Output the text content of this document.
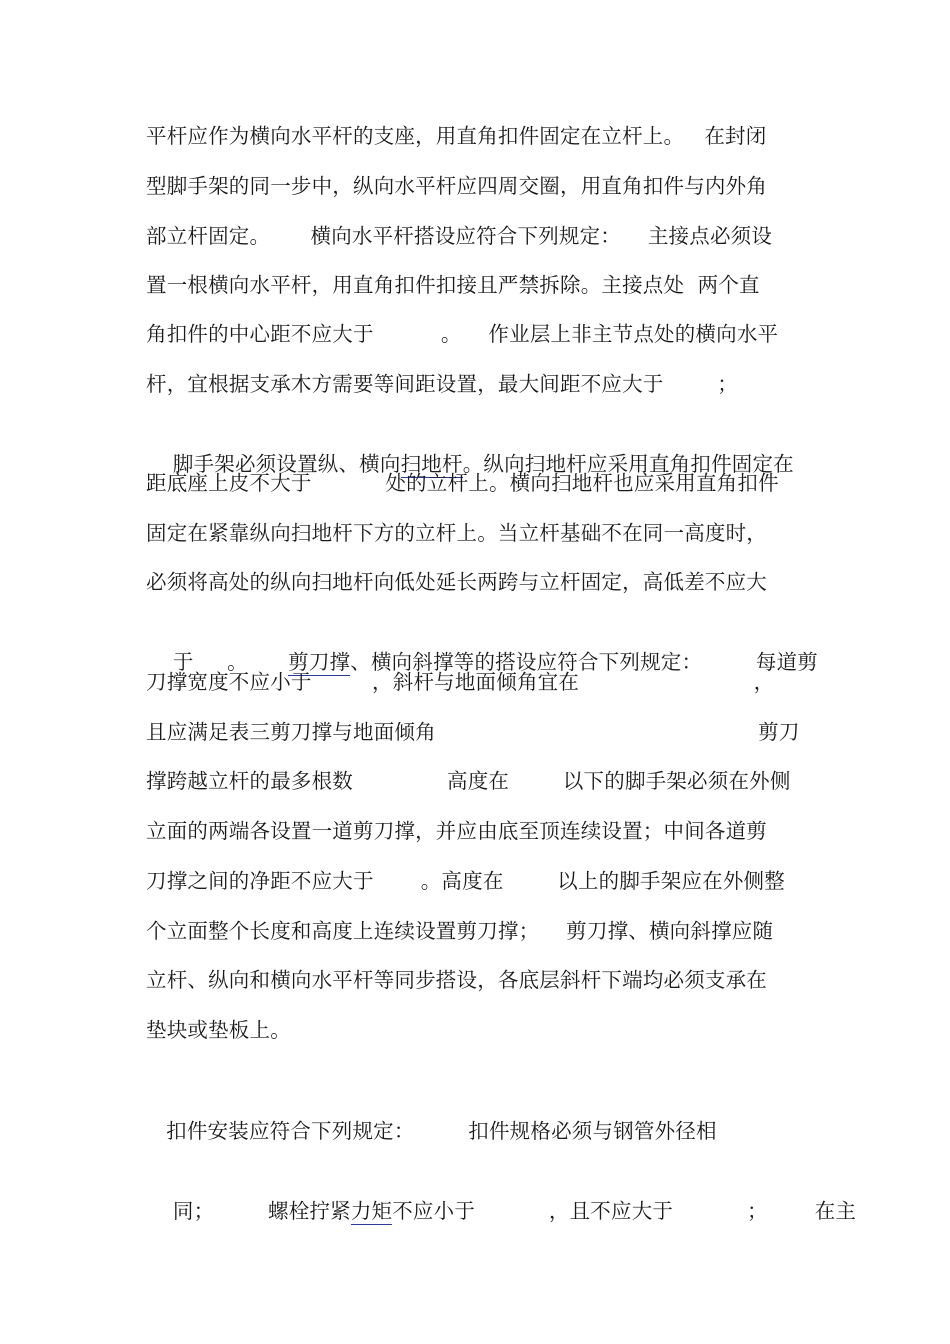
平杆应作为横向水平杆的支座，用直角扣件固定在立杆上。   在封闭
型脚手架的同一步中，纵向水平杆应四周交圈，用直角扣件与内外角
部立杆固定。      横向水平杆搭设应符合下列规定：    主接点必须设
置一根横向水平杆，用直角扣件扣接且严禁拆除。主接点处  两个直
角扣件的中心距不应大于          。    作业层上非主节点处的横向水平
杆，宜根据支承木方需要等间距设置，最大间距不应大于        ；

脚手架必须设置纵、横向扫地杆。纵向扫地杆应采用直角扣件固定在

距底座上皮不大于           处的立杆上。横向扫地杆也应采用直角扣件
固定在紧靠纵向扫地杆下方的立杆上。当立杆基础不在同一高度时，
必须将高处的纵向扫地杆向低处延长两跨与立杆固定，高低差不应大

于     。      剪刀撑、横向斜撑等的搭设应符合下列规定：        每道剪

刀撑宽度不应小于         ，斜杆与地面倾角宜在                          ，
且应满足表三剪刀撑与地面倾角                                                剪刀
撑跨越立杆的最多根数              高度在        以下的脚手架必须在外侧
立面的两端各设置一道剪刀撑，并应由底至顶连续设置；中间各道剪
刀撑之间的净距不应大于       。高度在        以上的脚手架应在外侧整
个立面整个长度和高度上连续设置剪刀撑；    剪刀撑、横向斜撑应随
立杆、纵向和横向水平杆等同步搭设，各底层斜杆下端均必须支承在
垫块或垫板上。
扣件安装应符合下列规定：        扣件规格必须与钢管外径相

同；        螺栓拧紧力矩不应小于           ，且不应大于           ；       在主
